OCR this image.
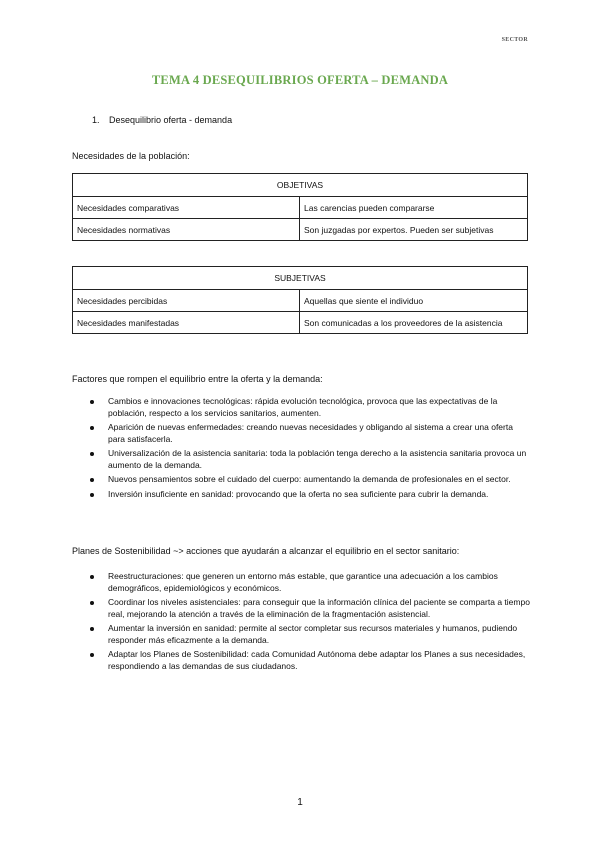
SECTOR
TEMA 4 DESEQUILIBRIOS OFERTA – DEMANDA
1. Desequilibrio oferta - demanda
Necesidades de la población:
OBJETIVAS	
Necesidades comparativas	Las carencias pueden compararse
Necesidades normativas	Son juzgadas por expertos. Pueden ser subjetivas
SUBJETIVAS	
Necesidades percibidas	Aquellas que siente el individuo
Necesidades manifestadas	Son comunicadas a los proveedores de la asistencia
Factores que rompen el equilibrio entre la oferta y la demanda:
Cambios e innovaciones tecnológicas: rápida evolución tecnológica, provoca que las expectativas de la población, respecto a los servicios sanitarios, aumenten.
Aparición de nuevas enfermedades: creando nuevas necesidades y obligando al sistema a crear una oferta para satisfacerla.
Universalización de la asistencia sanitaria: toda la población tenga derecho a la asistencia sanitaria provoca un aumento de la demanda.
Nuevos pensamientos sobre el cuidado del cuerpo: aumentando la demanda de profesionales en el sector.
Inversión insuficiente en sanidad: provocando que la oferta no sea suficiente para cubrir la demanda.
Planes de Sostenibilidad ~> acciones que ayudarán a alcanzar el equilibrio en el sector sanitario:
Reestructuraciones: que generen un entorno más estable, que garantice una adecuación a los cambios demográficos, epidemiológicos y económicos.
Coordinar los niveles asistenciales: para conseguir que la información clínica del paciente se comparta a tiempo real, mejorando la atención a través de la eliminación de la fragmentación asistencial.
Aumentar la inversión en sanidad: permite al sector completar sus recursos materiales y humanos, pudiendo responder más eficazmente a la demanda.
Adaptar los Planes de Sostenibilidad: cada Comunidad Autónoma debe adaptar los Planes a sus necesidades, respondiendo a las demandas de sus ciudadanos.
1
